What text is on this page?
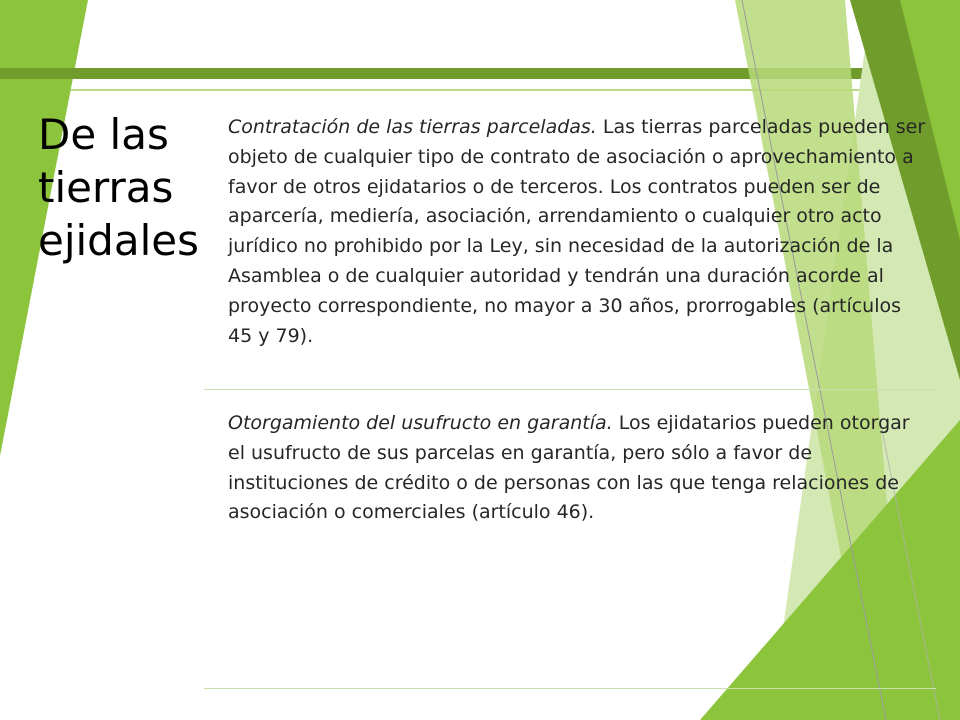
De las tierras ejidales

Contratación de las tierras parceladas. Las tierras parceladas pueden ser objeto de cualquier tipo de contrato de asociación o aprovechamiento a favor de otros ejidatarios o de terceros. Los contratos pueden ser de aparcería, mediería, asociación, arrendamiento o cualquier otro acto jurídico no prohibido por la Ley, sin necesidad de la autorización de la Asamblea o de cualquier autoridad y tendrán una duración acorde al proyecto correspondiente, no mayor a 30 años, prorrogables (artículos 45 y 79).

Otorgamiento del usufructo en garantía. Los ejidatarios pueden otorgar el usufructo de sus parcelas en garantía, pero sólo a favor de instituciones de crédito o de personas con las que tenga relaciones de asociación o comerciales (artículo 46).
